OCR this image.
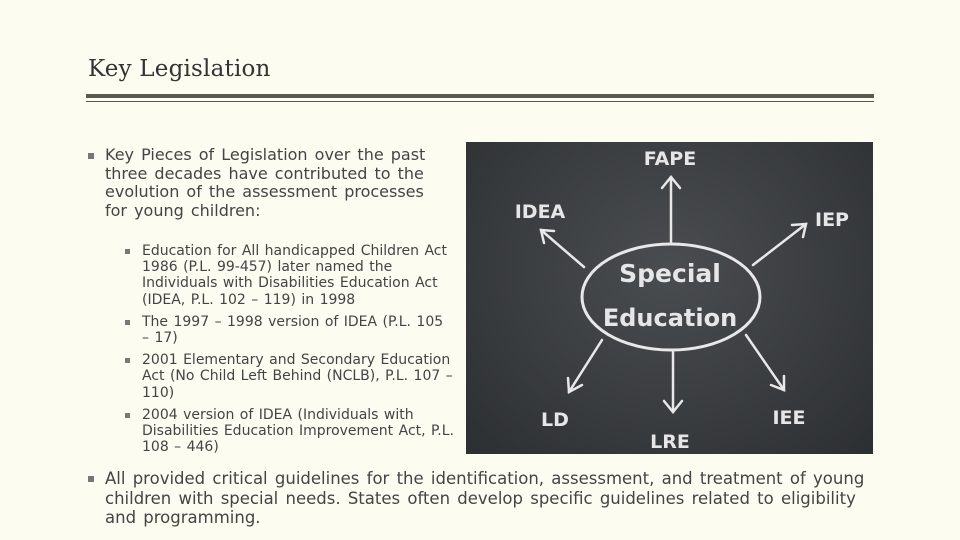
Key Legislation
Key Pieces of Legislation over the past three decades have contributed to the evolution of the assessment processes for young children:
Education for All handicapped Children Act 1986 (P.L. 99-457) later named the Individuals with Disabilities Education Act (IDEA, P.L. 102 – 119) in 1998
The 1997 – 1998 version of IDEA (P.L. 105 – 17)
2001 Elementary and Secondary Education Act (No Child Left Behind (NCLB), P.L. 107 – 110)
2004 version of IDEA (Individuals with Disabilities Education Improvement Act, P.L. 108 – 446)
Special
Education
FAPE
IDEA	IEP
LD
LRE
IEE
All provided critical guidelines for the identification, assessment, and treatment of young children with special needs. States often develop specific guidelines related to eligibility and programming.
